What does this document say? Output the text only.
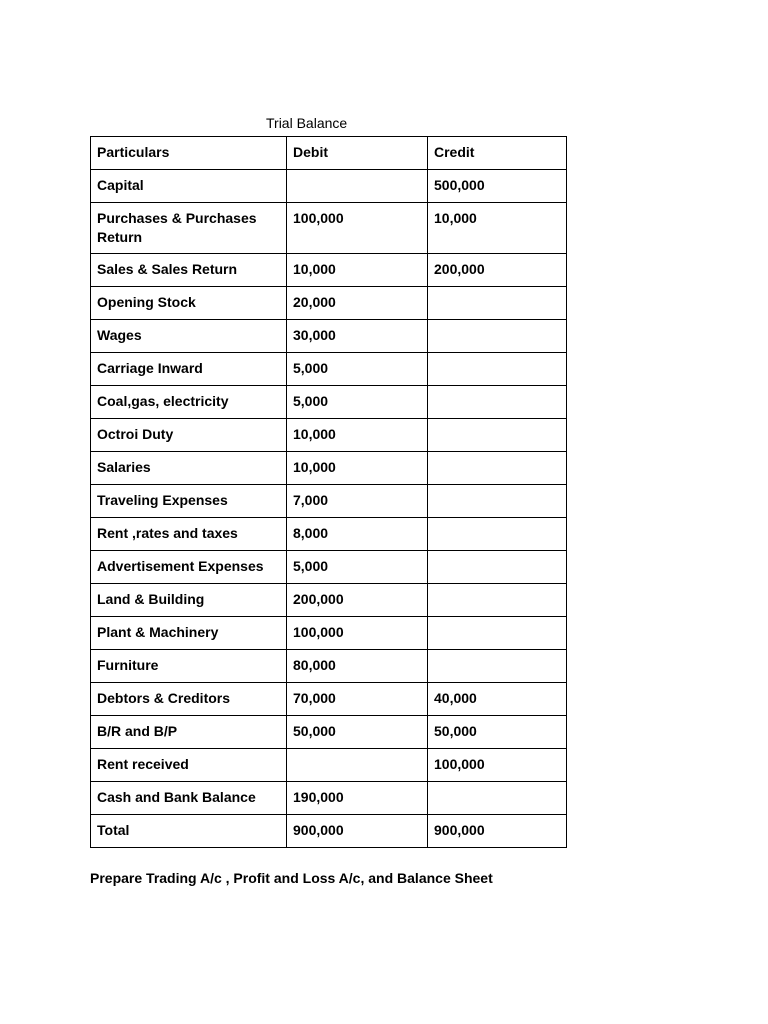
Trial Balance
Particulars	Debit	Credit
Capital		500,000
Purchases & Purchases Return	100,000	10,000
Sales & Sales Return	10,000	200,000
Opening Stock	20,000	
Wages	30,000	
Carriage Inward	5,000	
Coal,gas, electricity	5,000	
Octroi Duty	10,000	
Salaries	10,000	
Traveling Expenses	7,000	
Rent ,rates and taxes	8,000	
Advertisement Expenses	5,000	
Land & Building	200,000	
Plant & Machinery	100,000	
Furniture	80,000	
Debtors & Creditors	70,000	40,000
B/R and B/P	50,000	50,000
Rent received		100,000
Cash and Bank Balance	190,000	
Total	900,000	900,000
Prepare Trading A/c , Profit and Loss A/c, and Balance Sheet
